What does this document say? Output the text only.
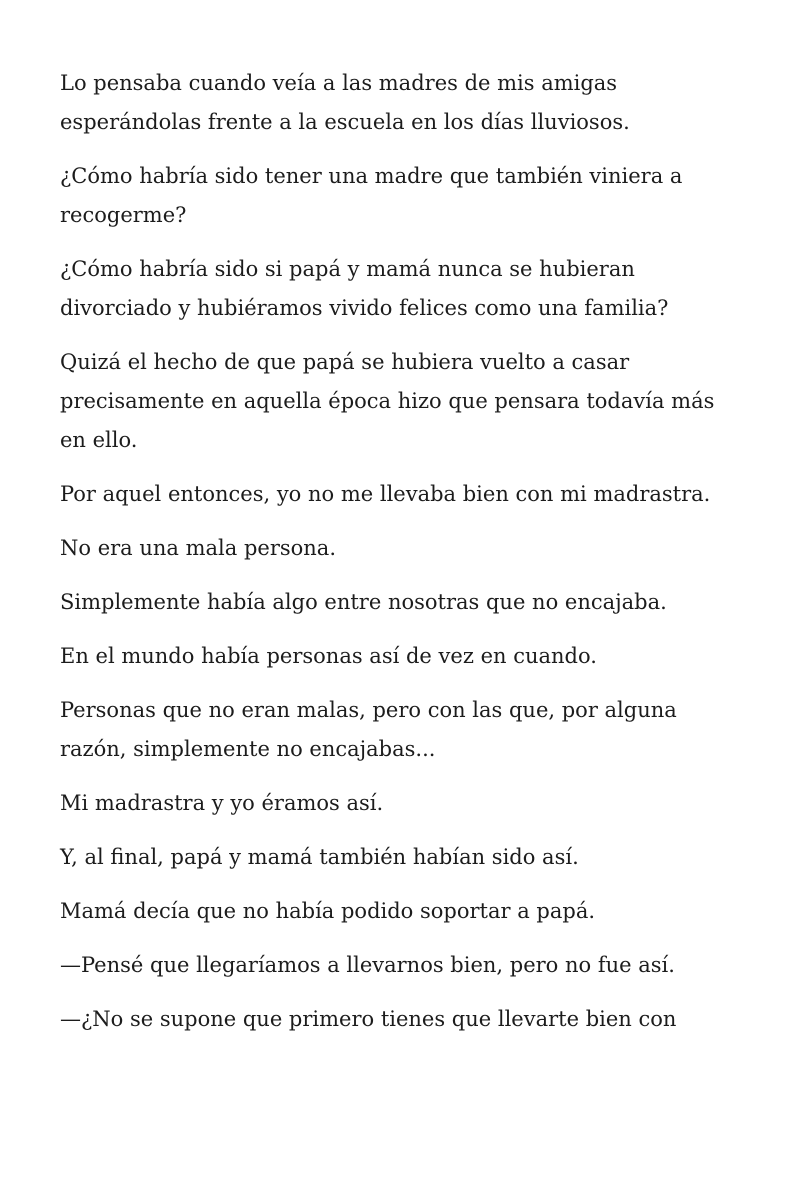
Lo pensaba cuando veía a las madres de mis amigas esperándolas frente a la escuela en los días lluviosos.

¿Cómo habría sido tener una madre que también viniera a recogerme?

¿Cómo habría sido si papá y mamá nunca se hubieran divorciado y hubiéramos vivido felices como una familia?

Quizá el hecho de que papá se hubiera vuelto a casar precisamente en aquella época hizo que pensara todavía más en ello.

Por aquel entonces, yo no me llevaba bien con mi madrastra.

No era una mala persona.

Simplemente había algo entre nosotras que no encajaba.

En el mundo había personas así de vez en cuando.

Personas que no eran malas, pero con las que, por alguna razón, simplemente no encajabas...

Mi madrastra y yo éramos así.

Y, al final, papá y mamá también habían sido así.

Mamá decía que no había podido soportar a papá.

—Pensé que llegaríamos a llevarnos bien, pero no fue así.

—¿No se supone que primero tienes que llevarte bien con
